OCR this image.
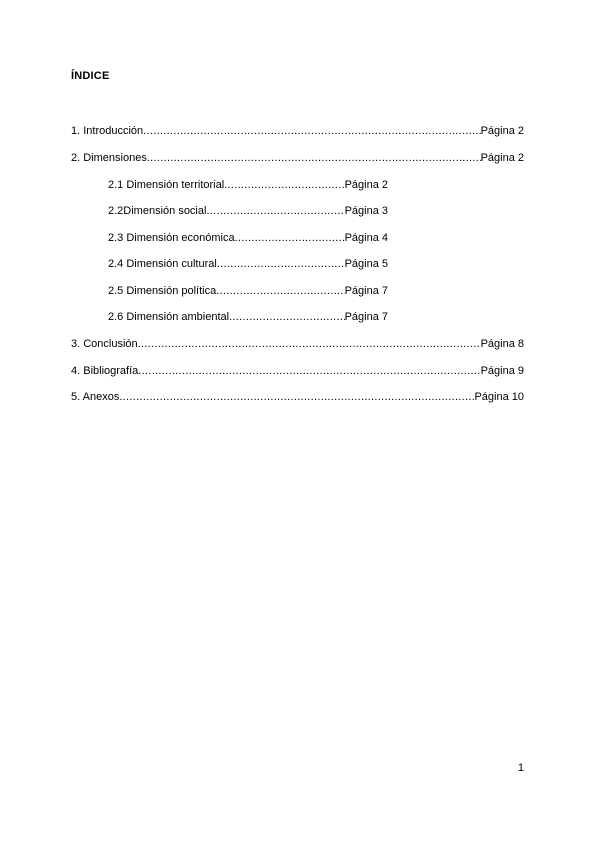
ÍNDICE
1. Introducción .....	Página 2
2. Dimensiones .....	Página 2
2.1 Dimensión territorial .....	Página 2
2.2Dimensión social .....	Página 3
2.3 Dimensión económica .....	Página 4
2.4 Dimensión cultural .....	Página 5
2.5 Dimensión política .....	Página 7
2.6 Dimensión ambiental .....	Página 7
3. Conclusión .....	Página 8
4. Bibliografía .....	Página 9
5. Anexos .....	Página 10
1
